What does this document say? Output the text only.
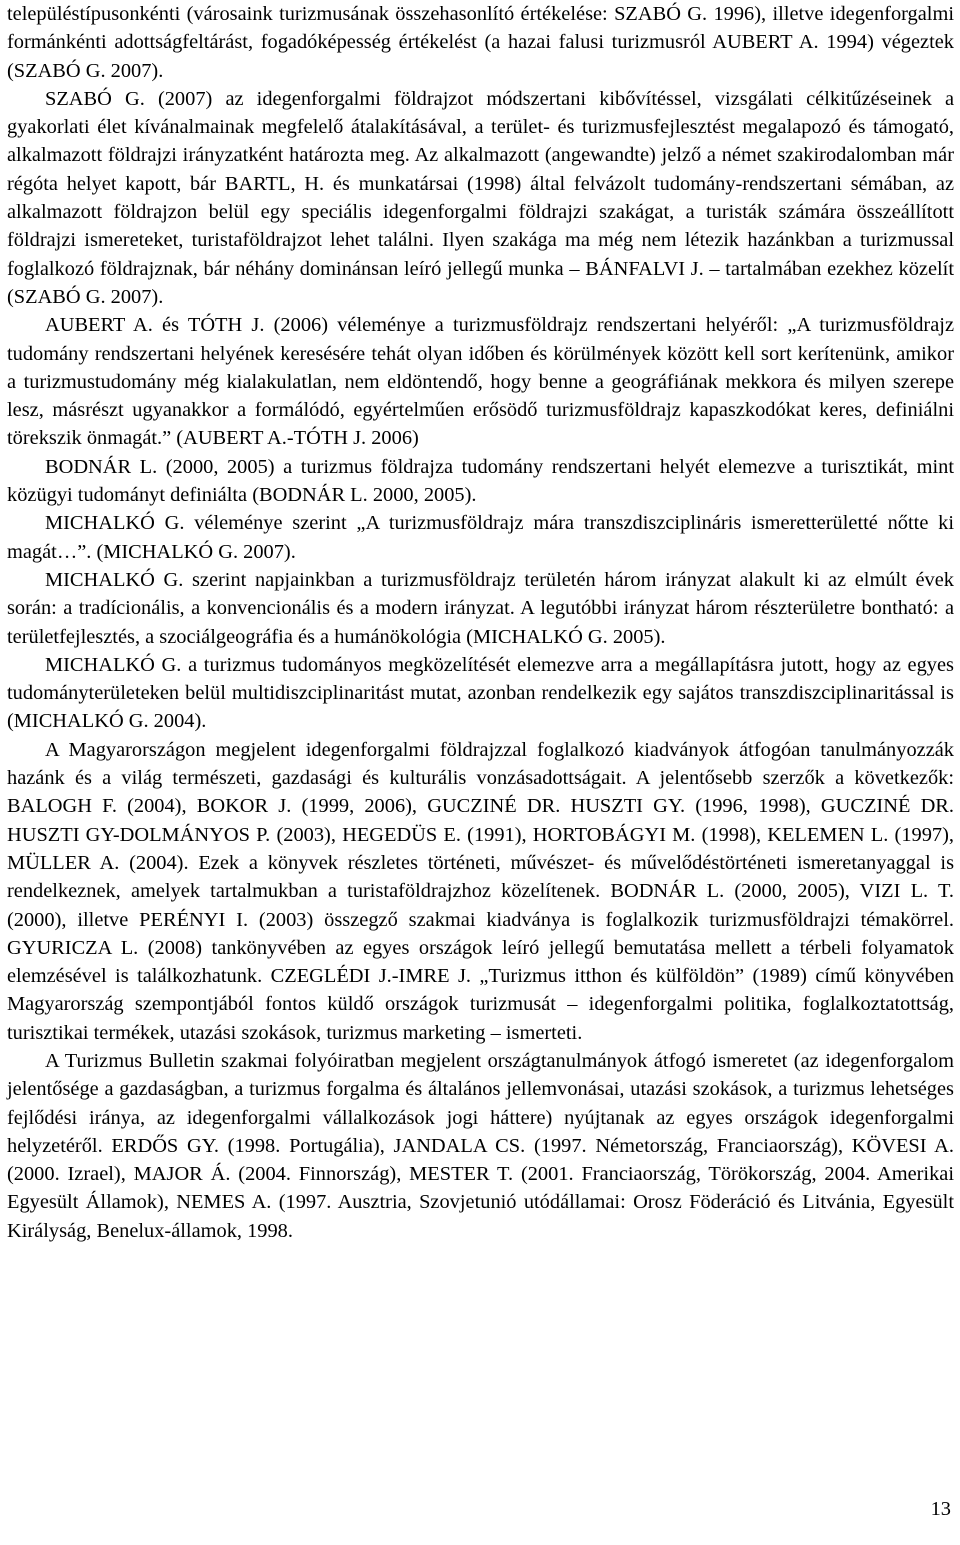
településtípusonkénti (városaink turizmusának összehasonlító értékelése: SZABÓ G. 1996), illetve idegenforgalmi formánkénti adottságfeltárást, fogadóképesség értékelést (a hazai falusi turizmusról AUBERT A. 1994) végeztek (SZABÓ G. 2007).

SZABÓ G. (2007) az idegenforgalmi földrajzot módszertani kibővítéssel, vizsgálati célkitűzéseinek a gyakorlati élet kívánalmainak megfelelő átalakításával, a terület- és turizmusfejlesztést megalapozó és támogató, alkalmazott földrajzi irányzatként határozta meg. Az alkalmazott (angewandte) jelző a német szakirodalomban már régóta helyet kapott, bár BARTL, H. és munkatársai (1998) által felvázolt tudomány-rendszertani sémában, az alkalmazott földrajzon belül egy speciális idegenforgalmi földrajzi szakágat, a turisták számára összeállított földrajzi ismereteket, turistaföldrajzot lehet találni. Ilyen szakága ma még nem létezik hazánkban a turizmussal foglalkozó földrajznak, bár néhány dominánsan leíró jellegű munka – BÁNFALVI J. – tartalmában ezekhez közelít (SZABÓ G. 2007).

AUBERT A. és TÓTH J. (2006) véleménye a turizmusföldrajz rendszertani helyéről: „A turizmusföldrajz tudomány rendszertani helyének keresésére tehát olyan időben és körülmények között kell sort kerítenünk, amikor a turizmustudomány még kialakulatlan, nem eldöntendő, hogy benne a geográfiának mekkora és milyen szerepe lesz, másrészt ugyanakkor a formálódó, egyértelműen erősödő turizmusföldrajz kapaszkodókat keres, definiálni törekszik önmagát.” (AUBERT A.-TÓTH J. 2006)

BODNÁR L. (2000, 2005) a turizmus földrajza tudomány rendszertani helyét elemezve a turisztikát, mint közügyi tudományt definiálta (BODNÁR L. 2000, 2005).

MICHALKÓ G. véleménye szerint „A turizmusföldrajz mára transzdiszciplináris ismeretterületté nőtte ki magát…”. (MICHALKÓ G. 2007).

MICHALKÓ G. szerint napjainkban a turizmusföldrajz területén három irányzat alakult ki az elmúlt évek során: a tradícionális, a konvencionális és a modern irányzat. A legutóbbi irányzat három részterületre bontható: a területfejlesztés, a szociálgeográfia és a humánökológia (MICHALKÓ G. 2005).

MICHALKÓ G. a turizmus tudományos megközelítését elemezve arra a megállapításra jutott, hogy az egyes tudományterületeken belül multidiszciplinaritást mutat, azonban rendelkezik egy sajátos transzdiszciplinaritással is (MICHALKÓ G. 2004).

A Magyarországon megjelent idegenforgalmi földrajzzal foglalkozó kiadványok átfogóan tanulmányozzák hazánk és a világ természeti, gazdasági és kulturális vonzásadottságait. A jelentősebb szerzők a következők: BALOGH F. (2004), BOKOR J. (1999, 2006), GUCZINÉ DR. HUSZTI GY. (1996, 1998), GUCZINÉ DR. HUSZTI GY-DOLMÁNYOS P. (2003), HEGEDÜS E. (1991), HORTOBÁGYI M. (1998), KELEMEN L. (1997), MÜLLER A. (2004). Ezek a könyvek részletes történeti, művészet- és művelődéstörténeti ismeretanyaggal is rendelkeznek, amelyek tartalmukban a turistaföldrajzhoz közelítenek. BODNÁR L. (2000, 2005), VIZI L. T. (2000), illetve PERÉNYI I. (2003) összegző szakmai kiadványa is foglalkozik turizmusföldrajzi témakörrel. GYURICZA L. (2008) tankönyvében az egyes országok leíró jellegű bemutatása mellett a térbeli folyamatok elemzésével is találkozhatunk. CZEGLÉDI J.-IMRE J. „Turizmus itthon és külföldön” (1989) című könyvében Magyarország szempontjából fontos küldő országok turizmusát – idegenforgalmi politika, foglalkoztatottság, turisztikai termékek, utazási szokások, turizmus marketing – ismerteti.

A Turizmus Bulletin szakmai folyóiratban megjelent országtanulmányok átfogó ismeretet (az idegenforgalom jelentősége a gazdaságban, a turizmus forgalma és általános jellemvonásai, utazási szokások, a turizmus lehetséges fejlődési iránya, az idegenforgalmi vállalkozások jogi háttere) nyújtanak az egyes országok idegenforgalmi helyzetéről. ERDŐS GY. (1998. Portugália), JANDALA CS. (1997. Németország, Franciaország), KÖVESI A. (2000. Izrael), MAJOR Á. (2004. Finnország), MESTER T. (2001. Franciaország, Törökország, 2004. Amerikai Egyesült Államok), NEMES A. (1997. Ausztria, Szovjetunió utódállamai: Orosz Föderáció és Litvánia, Egyesült Királyság, Benelux-államok, 1998.

13
